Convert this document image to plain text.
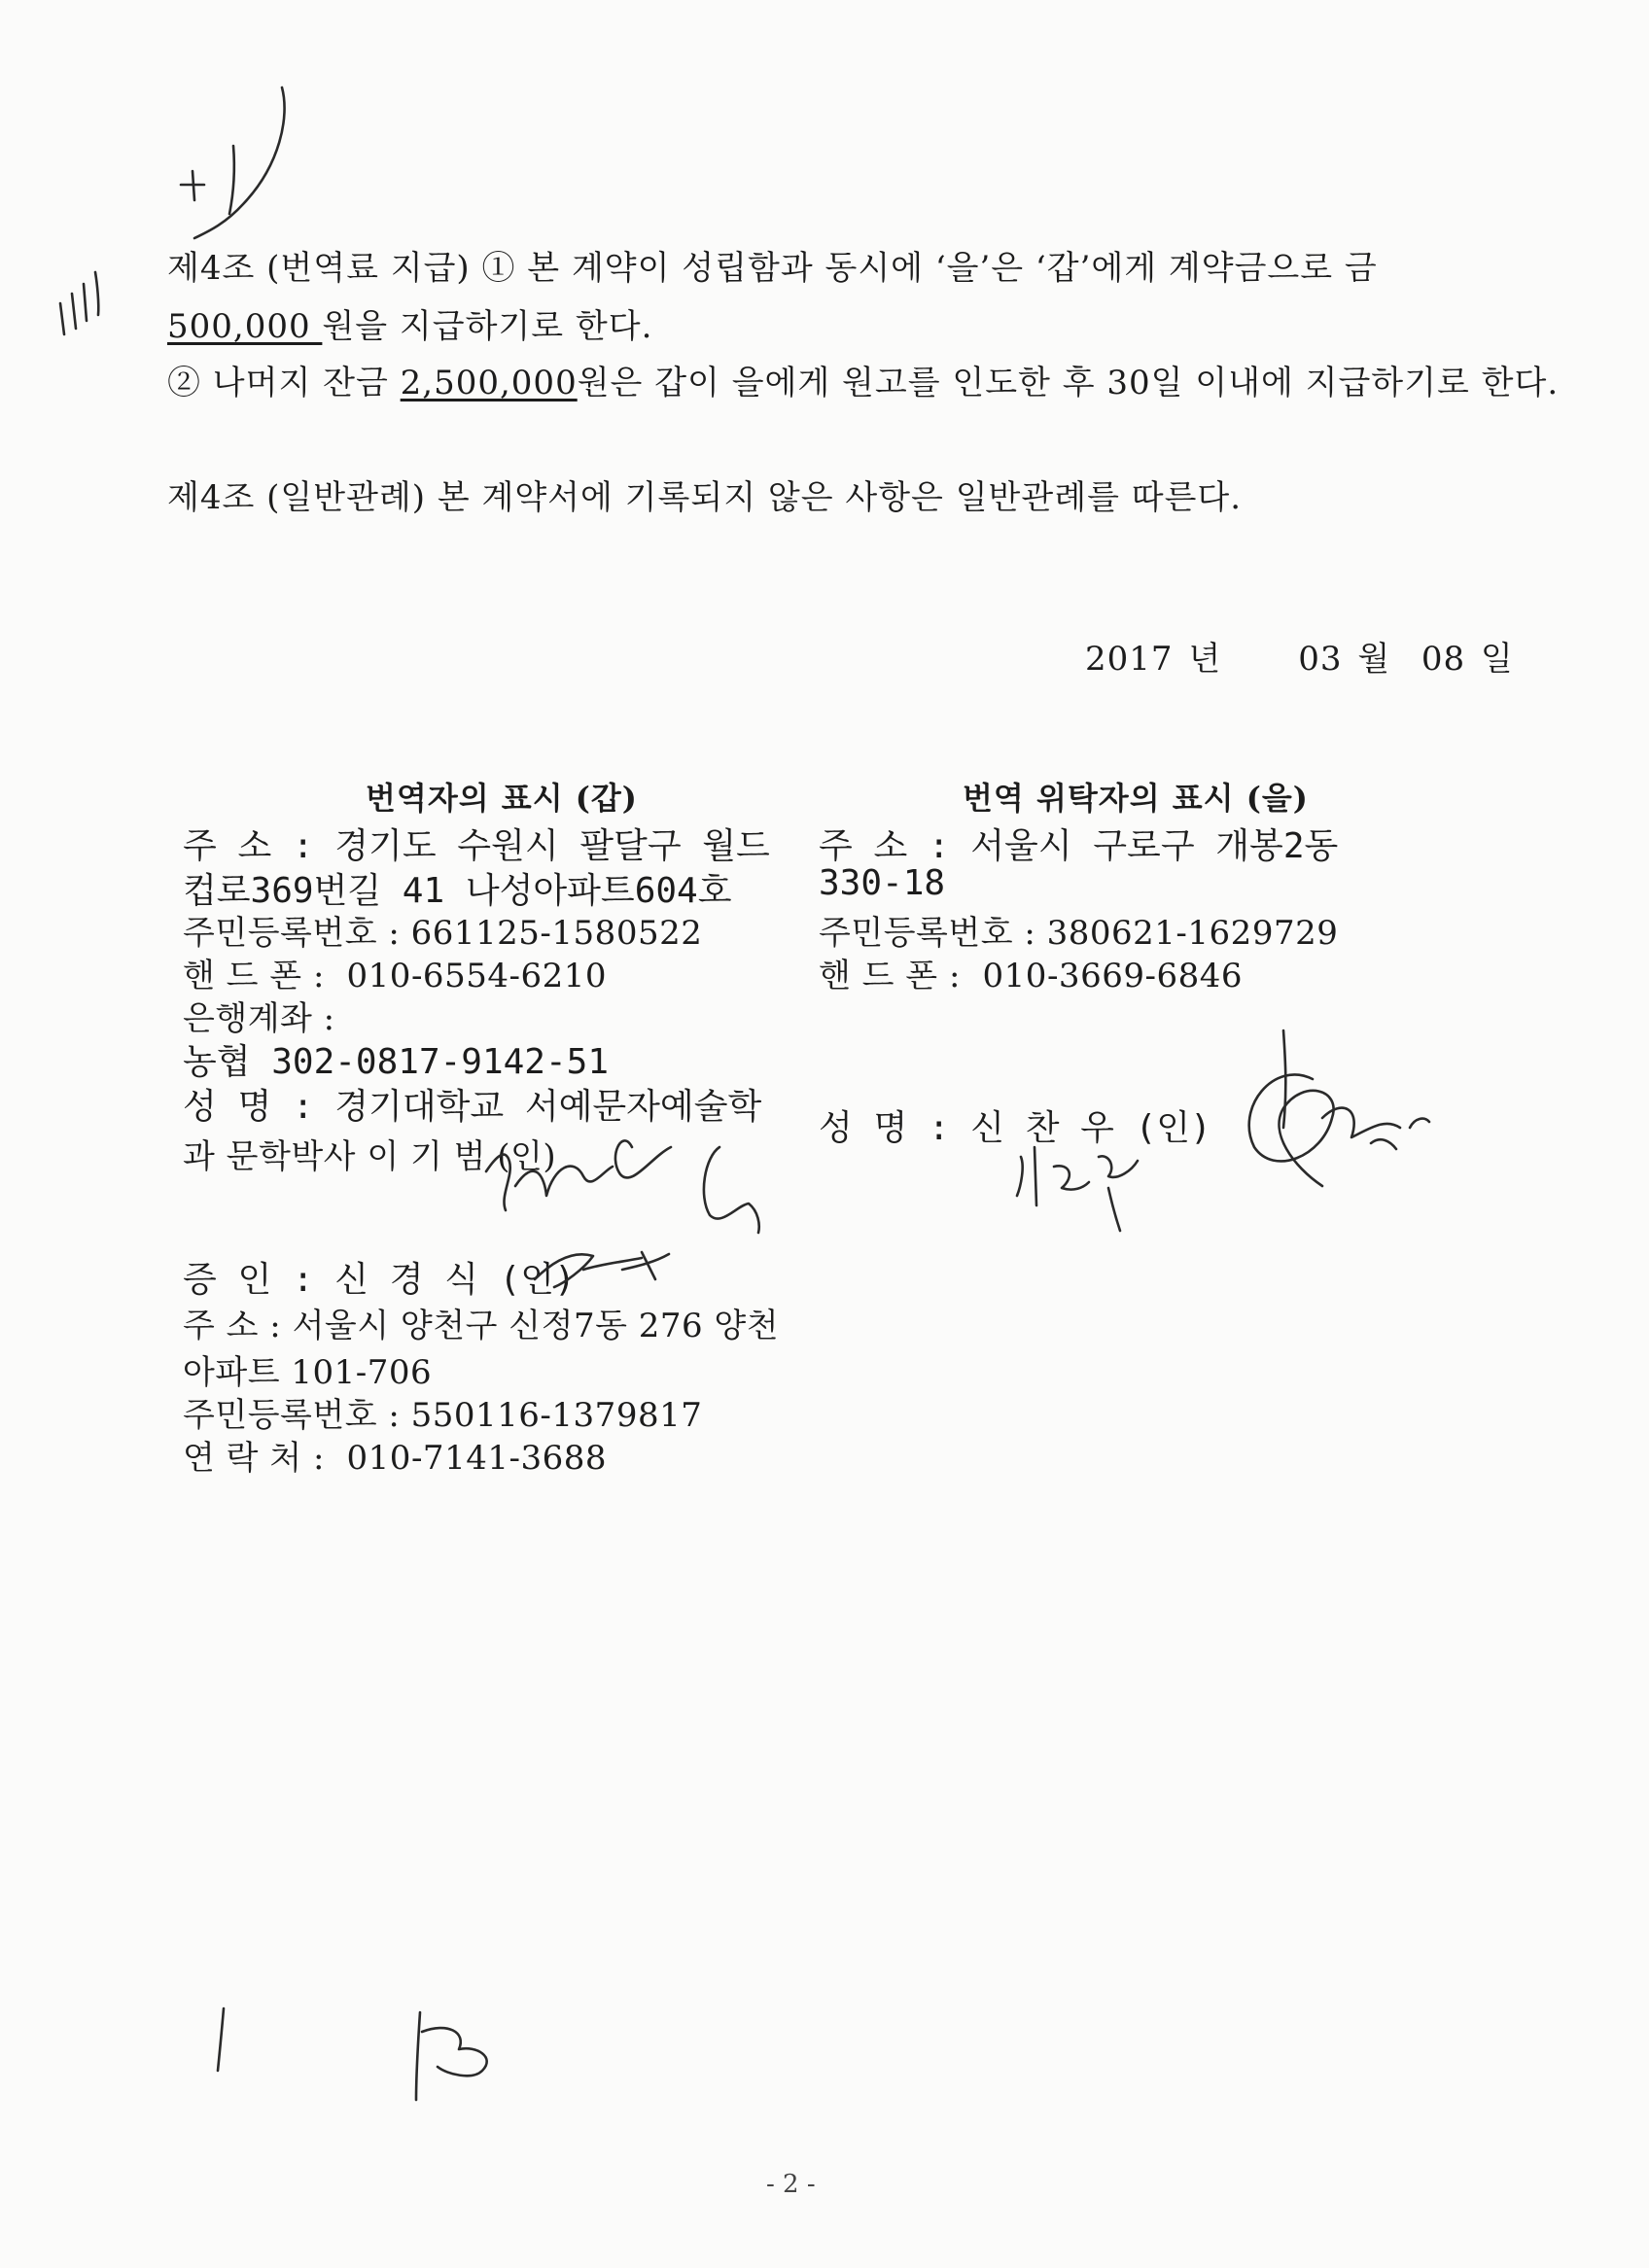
제4조 (번역료 지급) ① 본 계약이 성립함과 동시에 ‘을’은 ‘갑’에게 계약금으로 금
500,000 원을 지급하기로 한다.
② 나머지 잔금 2,500,000원은 갑이 을에게 원고를 인도한 후 30일 이내에 지급하기로 한다.
제4조 (일반관례) 본 계약서에 기록되지 않은 사항은 일반관례를 따른다.
2017 년 03 월 08 일
번역자의 표시 (갑)
주 소 : 경기도 수원시 팔달구 월드
컵로369번길 41 나성아파트604호
주민등록번호 : 661125-1580522
핸 드 폰 : 010-6554-6210
은행계좌 :
농협 302-0817-9142-51
성 명 : 경기대학교 서예문자예술학
과 문학박사 이 기 범 (인)
번역 위탁자의 표시 (을)
주 소 : 서울시 구로구 개봉2동
330-18
주민등록번호 : 380621-1629729
핸 드 폰 : 010-3669-6846
성 명 : 신 찬 우 (인)
증 인 : 신 경 식 (인)
주 소 : 서울시 양천구 신정7동 276 양천
아파트 101-706
주민등록번호 : 550116-1379817
연 락 처 : 010-7141-3688
- 2 -
